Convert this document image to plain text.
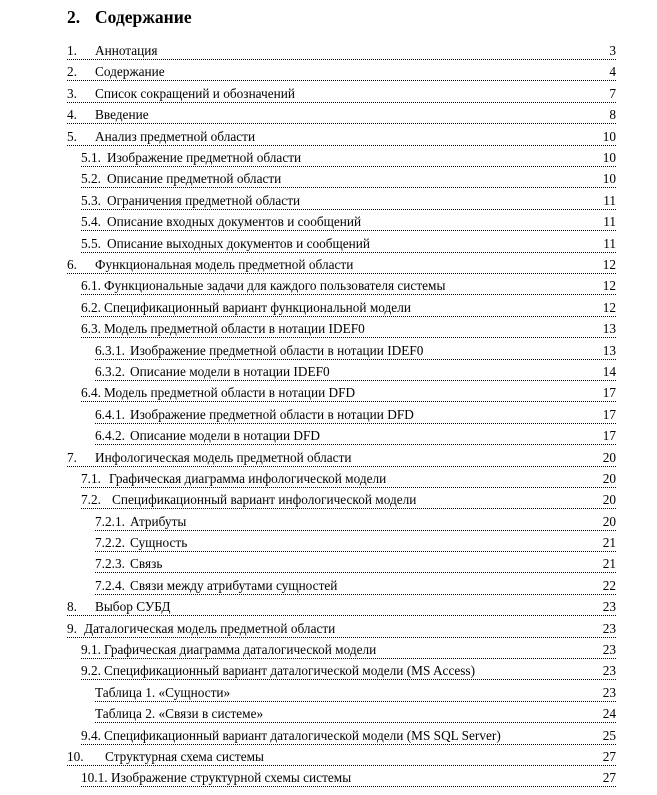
2. Содержание
1.	Аннотация	3
2.	Содержание	4
3.	Список сокращений и обозначений	7
4.	Введение	8
5.	Анализ предметной области	10
5.1. Изображение предметной области	10
5.2. Описание предметной области	10
5.3. Ограничения предметной области	11
5.4. Описание входных документов и сообщений	11
5.5. Описание выходных документов и сообщений	11
6.	Функциональная модель предметной области	12
6.1. Функциональные задачи для каждого пользователя системы	12
6.2. Спецификационный вариант функциональной модели	12
6.3. Модель предметной области в нотации IDEF0	13
6.3.1. Изображение предметной области в нотации IDEF0	13
6.3.2. Описание модели в нотации IDEF0	14
6.4. Модель предметной области в нотации DFD	17
6.4.1. Изображение предметной области в нотации DFD	17
6.4.2. Описание модели в нотации DFD	17
7.	Инфологическая модель предметной области	20
7.1. Графическая диаграмма инфологической модели	20
7.2. Спецификационный вариант инфологической модели	20
7.2.1. Атрибуты	20
7.2.2. Сущность	21
7.2.3. Связь	21
7.2.4. Связи между атрибутами сущностей	22
8.	Выбор СУБД	23
9. Даталогическая модель предметной области	23
9.1. Графическая диаграмма даталогической модели	23
9.2. Спецификационный вариант даталогической модели (MS Access)	23
Таблица 1. «Сущности»	23
Таблица 2. «Связи в системе»	24
9.4. Спецификационный вариант даталогической модели (MS SQL Server)	25
10.	Структурная схема системы	27
10.1. Изображение структурной схемы системы	27
